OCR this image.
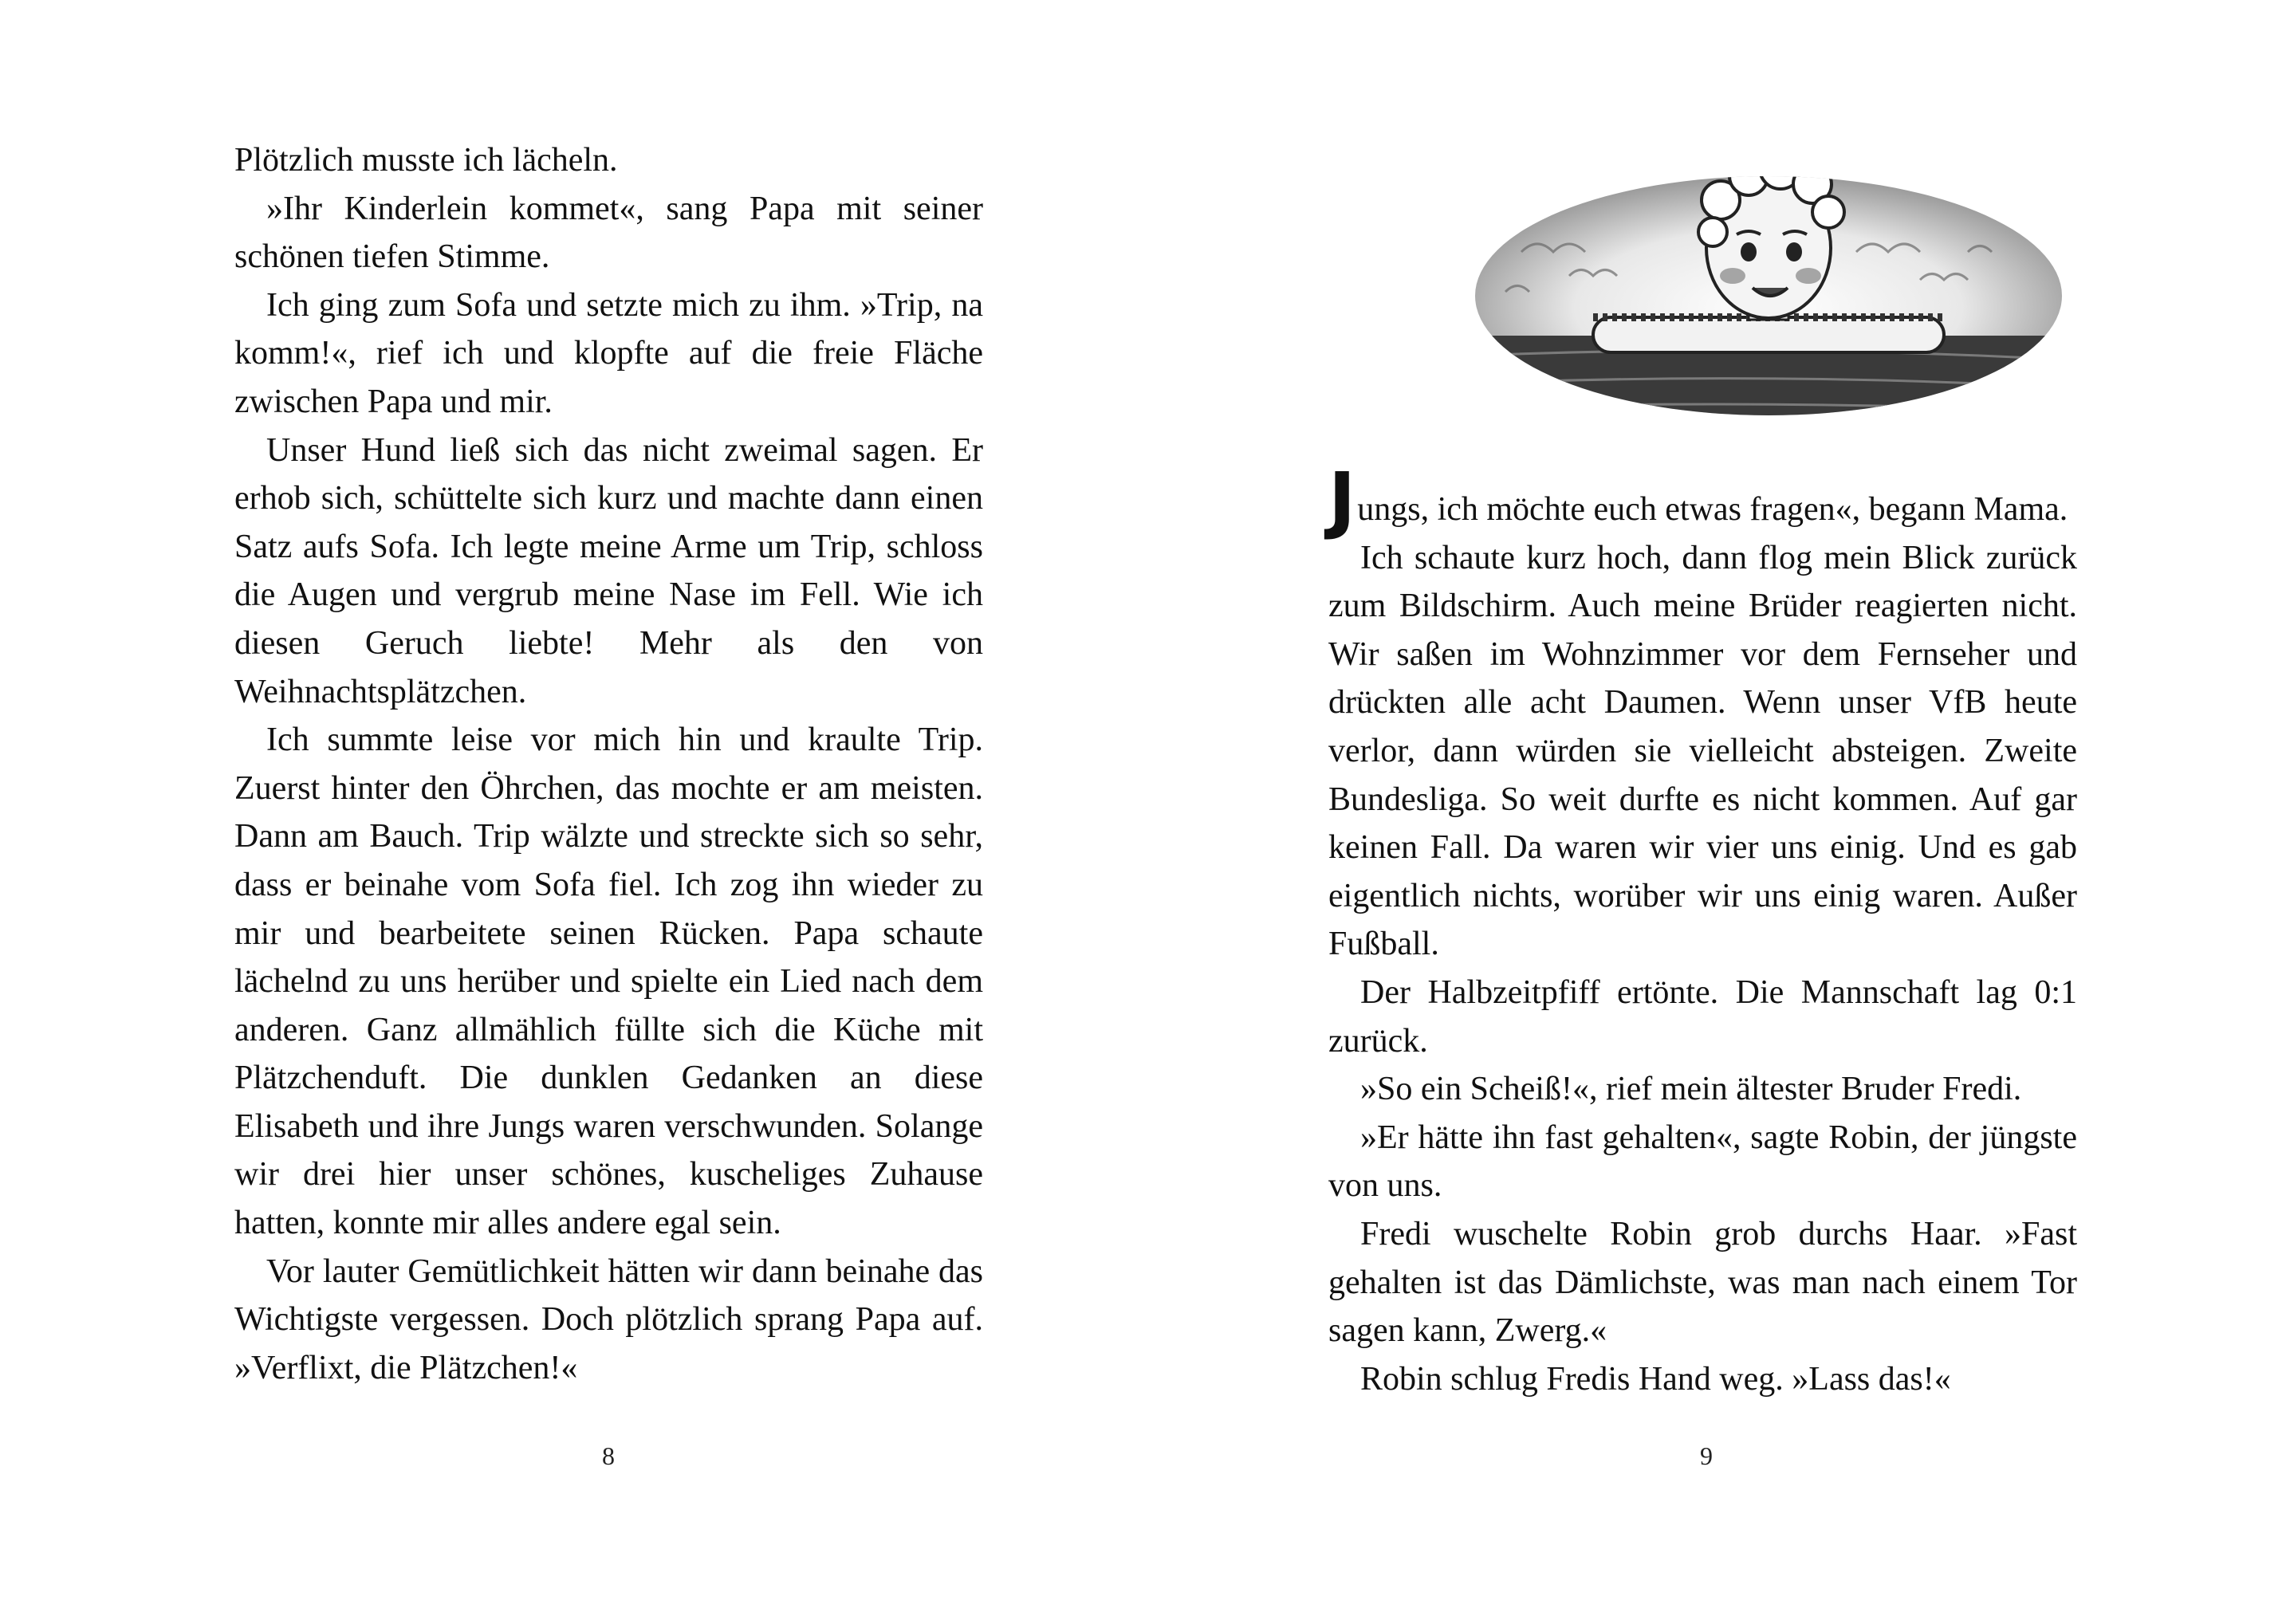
Plötzlich musste ich lächeln.

»Ihr Kinderlein kommet«, sang Papa mit seiner schönen tiefen Stimme.

Ich ging zum Sofa und setzte mich zu ihm. »Trip, na komm!«, rief ich und klopfte auf die freie Fläche zwischen Papa und mir.

Unser Hund ließ sich das nicht zweimal sagen. Er erhob sich, schüttelte sich kurz und machte dann einen Satz aufs Sofa. Ich legte meine Arme um Trip, schloss die Augen und vergrub meine Nase im Fell. Wie ich diesen Geruch liebte! Mehr als den von Weihnachtsplätzchen.

Ich summte leise vor mich hin und kraulte Trip. Zuerst hinter den Öhrchen, das mochte er am meisten. Dann am Bauch. Trip wälzte und streckte sich so sehr, dass er beinahe vom Sofa fiel. Ich zog ihn wieder zu mir und bearbeitete seinen Rücken. Papa schaute lächelnd zu uns herüber und spielte ein Lied nach dem anderen. Ganz allmählich füllte sich die Küche mit Plätzchenduft. Die dunklen Gedanken an diese Elisabeth und ihre Jungs waren verschwunden. Solange wir drei hier unser schönes, kuscheliges Zuhause hatten, konnte mir alles andere egal sein.

Vor lauter Gemütlichkeit hätten wir dann beinahe das Wichtigste vergessen. Doch plötzlich sprang Papa auf. »Verflixt, die Plätzchen!«

8

Jungs, ich möchte euch etwas fragen«, begann Mama.

Ich schaute kurz hoch, dann flog mein Blick zurück zum Bildschirm. Auch meine Brüder reagierten nicht. Wir saßen im Wohnzimmer vor dem Fernseher und drückten alle acht Daumen. Wenn unser VfB heute verlor, dann würden sie vielleicht absteigen. Zweite Bundesliga. So weit durfte es nicht kommen. Auf gar keinen Fall. Da waren wir vier uns einig. Und es gab eigentlich nichts, worüber wir uns einig waren. Außer Fußball.

Der Halbzeitpfiff ertönte. Die Mannschaft lag 0:1 zurück.

»So ein Scheiß!«, rief mein ältester Bruder Fredi.

»Er hätte ihn fast gehalten«, sagte Robin, der jüngste von uns.

Fredi wuschelte Robin grob durchs Haar. »Fast gehalten ist das Dämlichste, was man nach einem Tor sagen kann, Zwerg.«

Robin schlug Fredis Hand weg. »Lass das!«

9
